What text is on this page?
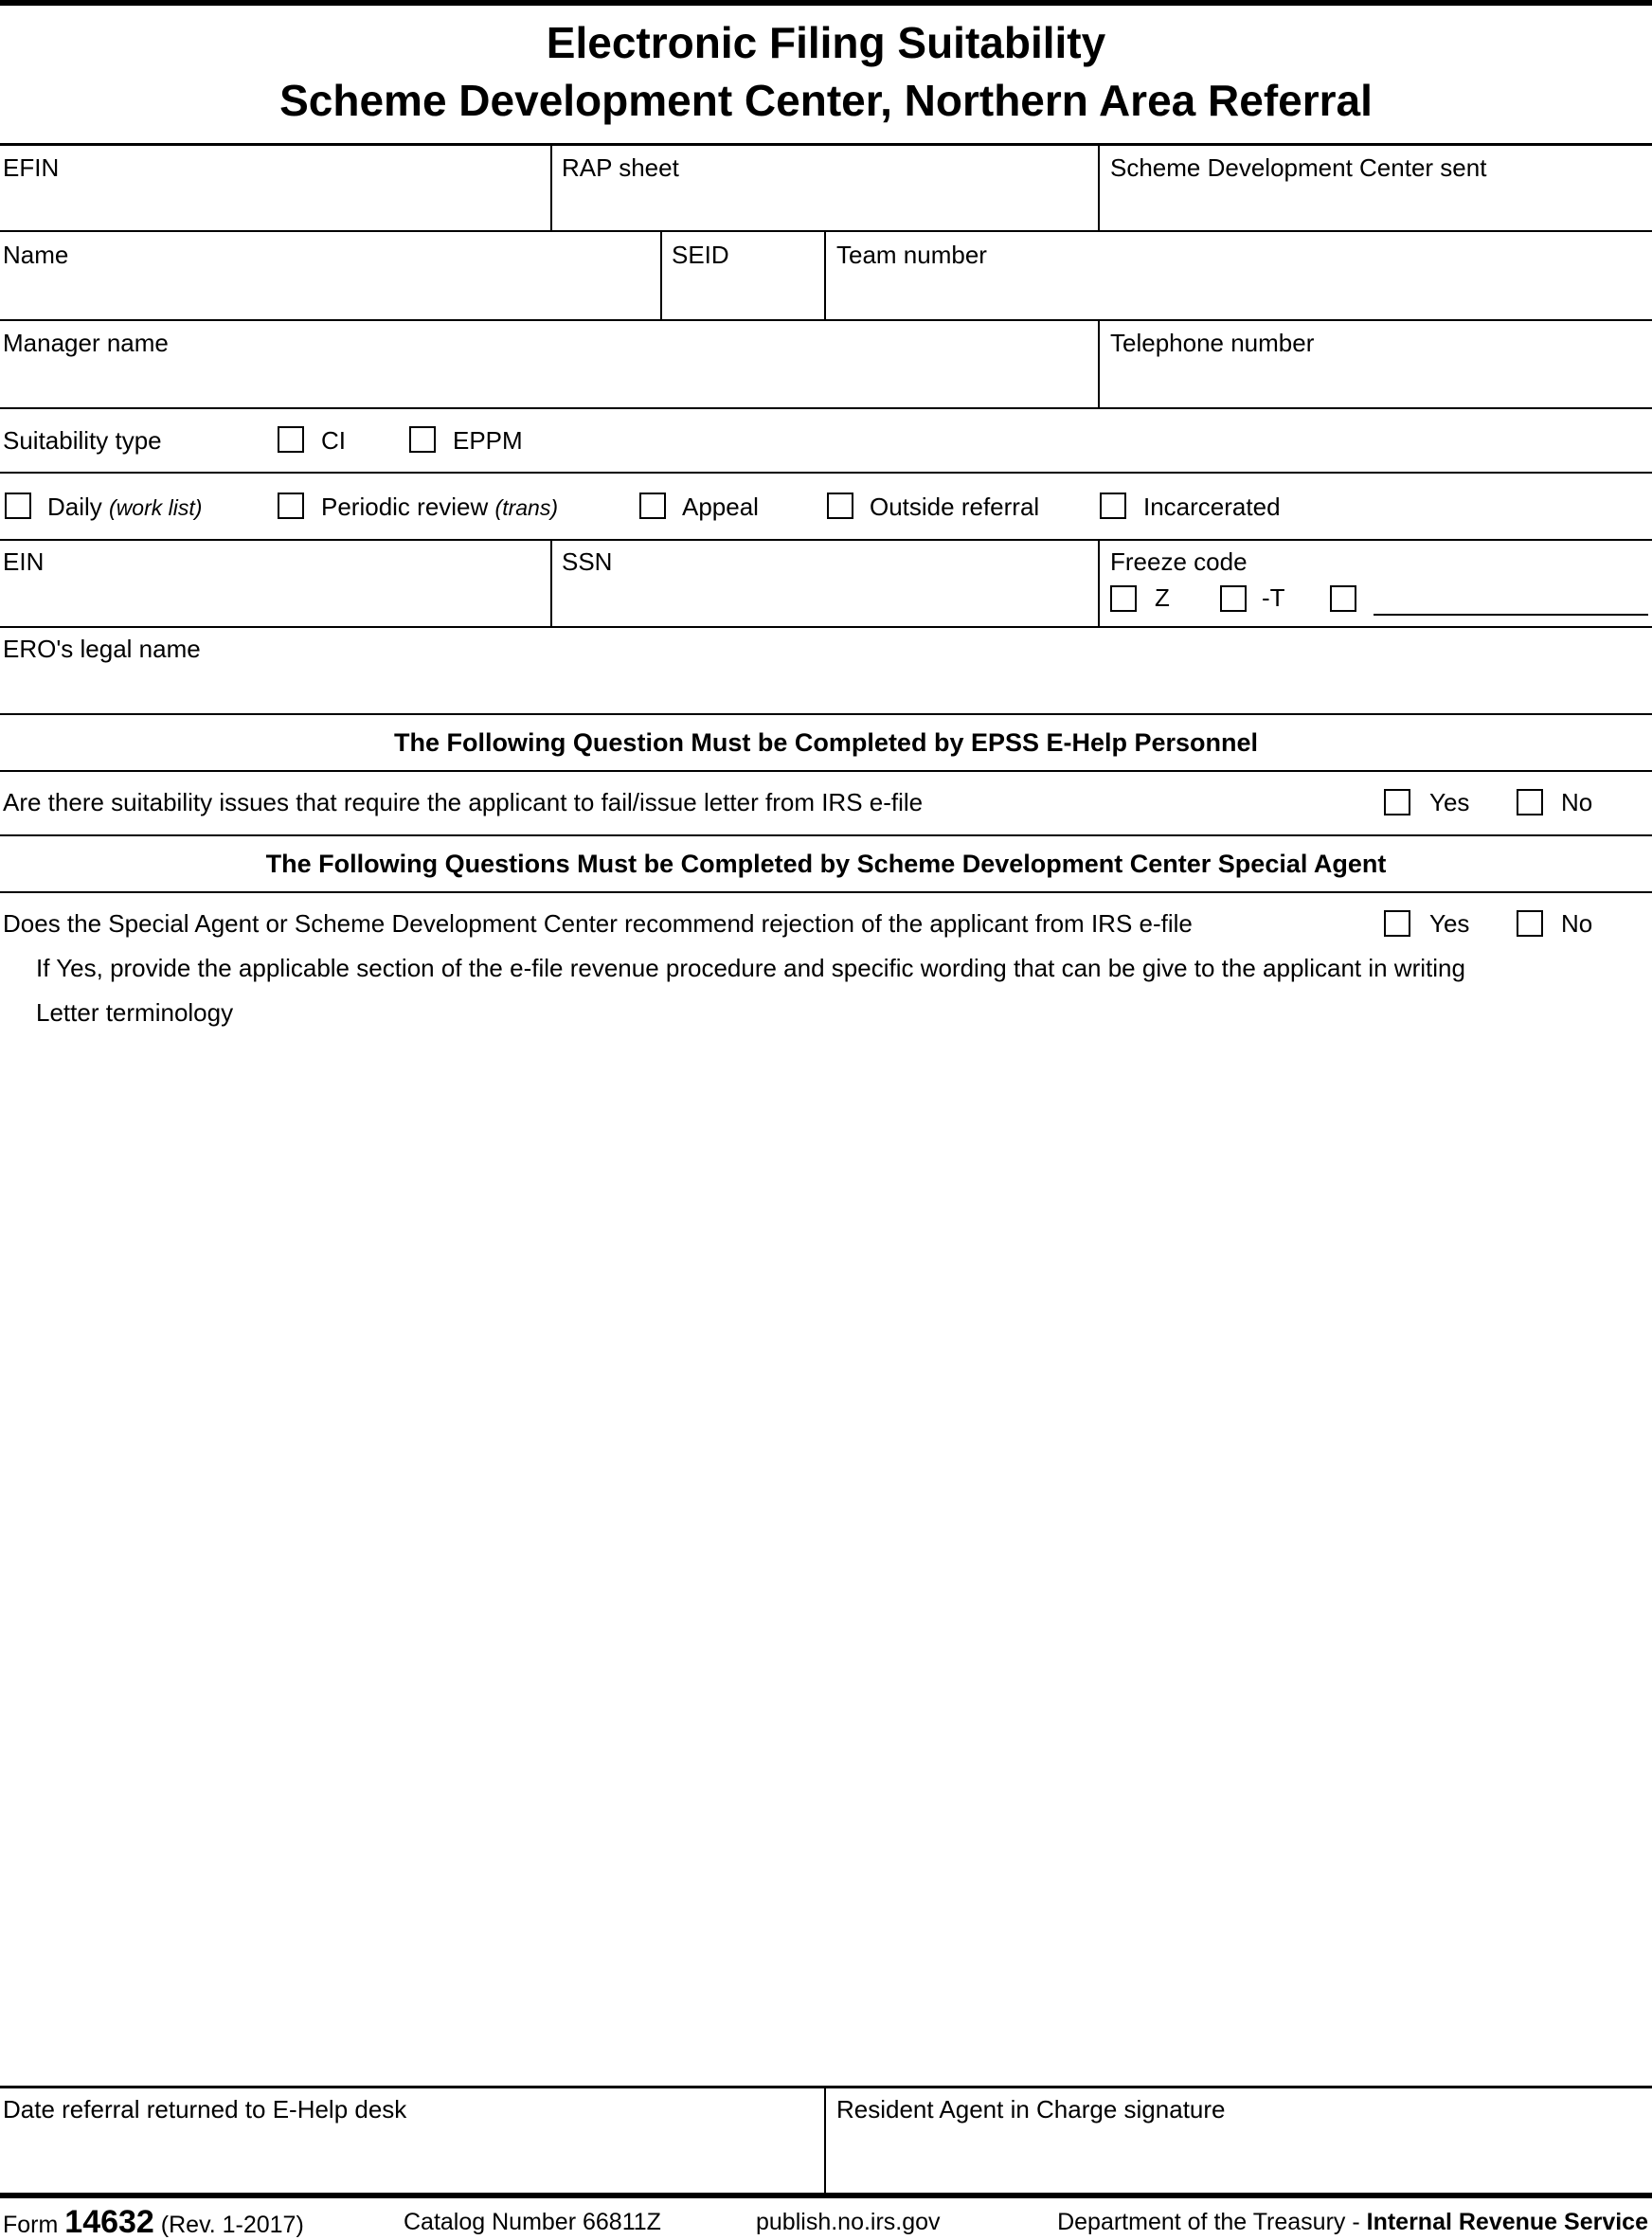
Electronic Filing Suitability
Scheme Development Center, Northern Area Referral
EFIN	RAP sheet	Scheme Development Center sent
Name	SEID	Team number
Manager name	Telephone number
Suitability type	CI	EPPM
Daily (work list)	Periodic review (trans)	Appeal	Outside referral	Incarcerated
EIN	SSN	Freeze code
Z	-T
ERO's legal name
The Following Question Must be Completed by EPSS E-Help Personnel
Are there suitability issues that require the applicant to fail/issue letter from IRS e-file	Yes	No
The Following Questions Must be Completed by Scheme Development Center Special Agent
Does the Special Agent or Scheme Development Center recommend rejection of the applicant from IRS e-file	Yes	No
If Yes, provide the applicable section of the e-file revenue procedure and specific wording that can be give to the applicant in writing
Letter terminology
Date referral returned to E-Help desk	Resident Agent in Charge signature
Form 14632 (Rev. 1-2017)	Catalog Number 66811Z	publish.no.irs.gov	Department of the Treasury - Internal Revenue Service
